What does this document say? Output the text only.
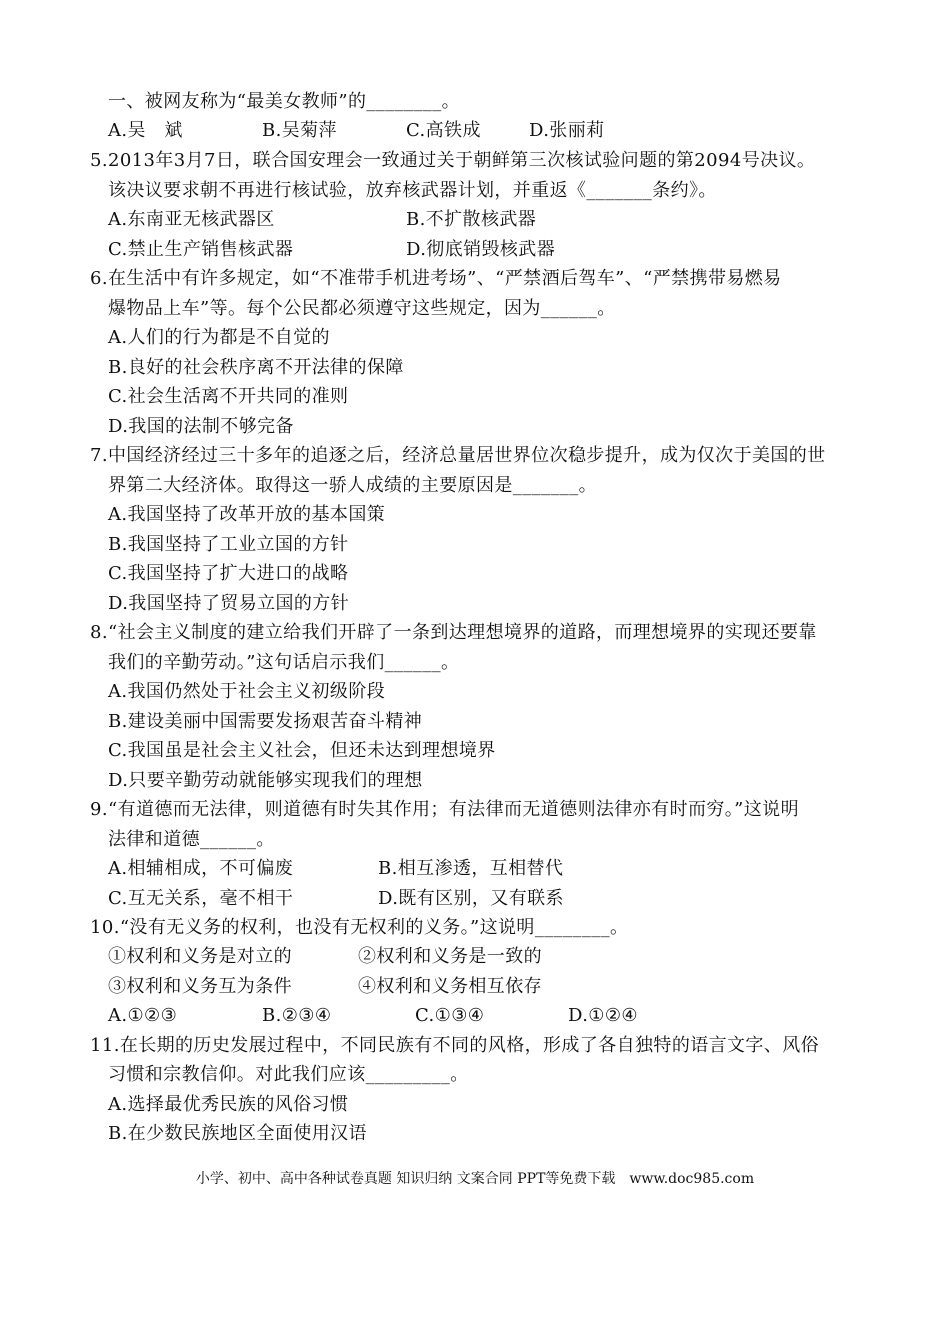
一、被网友称为“最美女教师”的________。
A.吴　斌	B.吴菊萍	C.高铁成	D.张丽莉
5.2013年3月7日，联合国安理会一致通过关于朝鲜第三次核试验问题的第2094号决议。
该决议要求朝不再进行核试验，放弃核武器计划，并重返《_______条约》。
A.东南亚无核武器区	B.不扩散核武器
C.禁止生产销售核武器	D.彻底销毁核武器
6.在生活中有许多规定，如“不准带手机进考场”、“严禁酒后驾车”、“严禁携带易燃易
爆物品上车”等。每个公民都必须遵守这些规定，因为______。
A.人们的行为都是不自觉的
B.良好的社会秩序离不开法律的保障
C.社会生活离不开共同的准则
D.我国的法制不够完备
7.中国经济经过三十多年的追逐之后，经济总量居世界位次稳步提升，成为仅次于美国的世
界第二大经济体。取得这一骄人成绩的主要原因是_______。
A.我国坚持了改革开放的基本国策
B.我国坚持了工业立国的方针
C.我国坚持了扩大进口的战略
D.我国坚持了贸易立国的方针
8.“社会主义制度的建立给我们开辟了一条到达理想境界的道路，而理想境界的实现还要靠
我们的辛勤劳动。”这句话启示我们______。
A.我国仍然处于社会主义初级阶段
B.建设美丽中国需要发扬艰苦奋斗精神
C.我国虽是社会主义社会，但还未达到理想境界
D.只要辛勤劳动就能够实现我们的理想
9.“有道德而无法律，则道德有时失其作用；有法律而无道德则法律亦有时而穷。”这说明
法律和道德______。
A.相辅相成，不可偏废	B.相互渗透，互相替代
C.互无关系，毫不相干	D.既有区别，又有联系
10.“没有无义务的权利，也没有无权利的义务。”这说明________。
①权利和义务是对立的	②权利和义务是一致的
③权利和义务互为条件	④权利和义务相互依存
A.①②③	B.②③④	C.①③④	D.①②④
11.在长期的历史发展过程中，不同民族有不同的风格，形成了各自独特的语言文字、风俗
习惯和宗教信仰。对此我们应该_________。
A.选择最优秀民族的风俗习惯
B.在少数民族地区全面使用汉语
小学、初中、高中各种试卷真题 知识归纳 文案合同 PPT等免费下载　www.doc985.com
